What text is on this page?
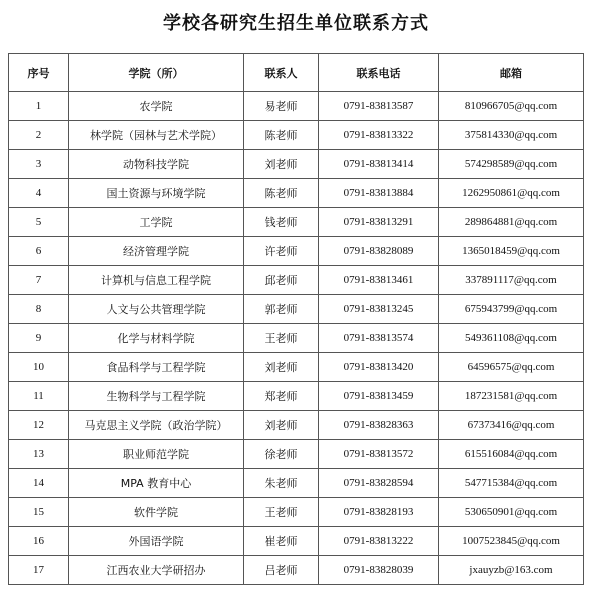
学校各研究生招生单位联系方式
序号	学院（所）	联系人	联系电话	邮箱
1	农学院	易老师	0791-83813587	810966705@qq.com
2	林学院（园林与艺术学院）	陈老师	0791-83813322	375814330@qq.com
3	动物科技学院	刘老师	0791-83813414	574298589@qq.com
4	国土资源与环境学院	陈老师	0791-83813884	1262950861@qq.com
5	工学院	钱老师	0791-83813291	289864881@qq.com
6	经济管理学院	许老师	0791-83828089	1365018459@qq.com
7	计算机与信息工程学院	邱老师	0791-83813461	337891117@qq.com
8	人文与公共管理学院	郭老师	0791-83813245	675943799@qq.com
9	化学与材料学院	王老师	0791-83813574	549361108@qq.com
10	食品科学与工程学院	刘老师	0791-83813420	64596575@qq.com
11	生物科学与工程学院	郑老师	0791-83813459	187231581@qq.com
12	马克思主义学院（政治学院）	刘老师	0791-83828363	67373416@qq.com
13	职业师范学院	徐老师	0791-83813572	615516084@qq.com
14	MPA 教育中心	朱老师	0791-83828594	547715384@qq.com
15	软件学院	王老师	0791-83828193	530650901@qq.com
16	外国语学院	崔老师	0791-83813222	1007523845@qq.com
17	江西农业大学研招办	吕老师	0791-83828039	jxauyzb@163.com
